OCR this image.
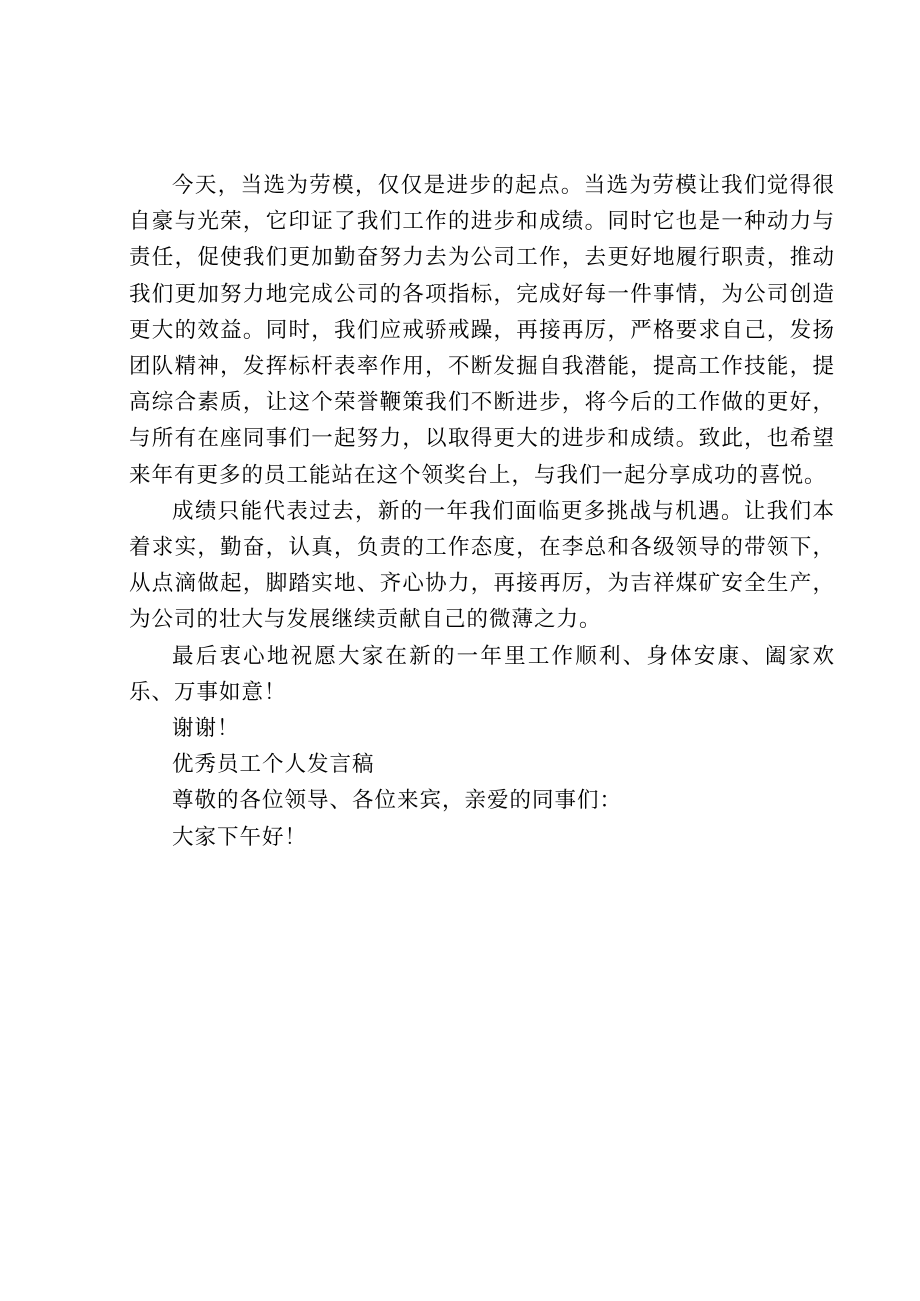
今天，当选为劳模，仅仅是进步的起点。当选为劳模让我们觉得很自豪与光荣，它印证了我们工作的进步和成绩。同时它也是一种动力与责任，促使我们更加勤奋努力去为公司工作，去更好地履行职责，推动我们更加努力地完成公司的各项指标，完成好每一件事情，为公司创造更大的效益。同时，我们应戒骄戒躁，再接再厉，严格要求自己，发扬团队精神，发挥标杆表率作用，不断发掘自我潜能，提高工作技能，提高综合素质，让这个荣誉鞭策我们不断进步，将今后的工作做的更好，与所有在座同事们一起努力，以取得更大的进步和成绩。致此，也希望来年有更多的员工能站在这个领奖台上，与我们一起分享成功的喜悦。

成绩只能代表过去，新的一年我们面临更多挑战与机遇。让我们本着求实，勤奋，认真，负责的工作态度，在李总和各级领导的带领下，从点滴做起，脚踏实地、齐心协力，再接再厉，为吉祥煤矿安全生产，为公司的壮大与发展继续贡献自己的微薄之力。

最后衷心地祝愿大家在新的一年里工作顺利、身体安康、阖家欢乐、万事如意！

谢谢！

优秀员工个人发言稿

尊敬的各位领导、各位来宾，亲爱的同事们：

大家下午好！
